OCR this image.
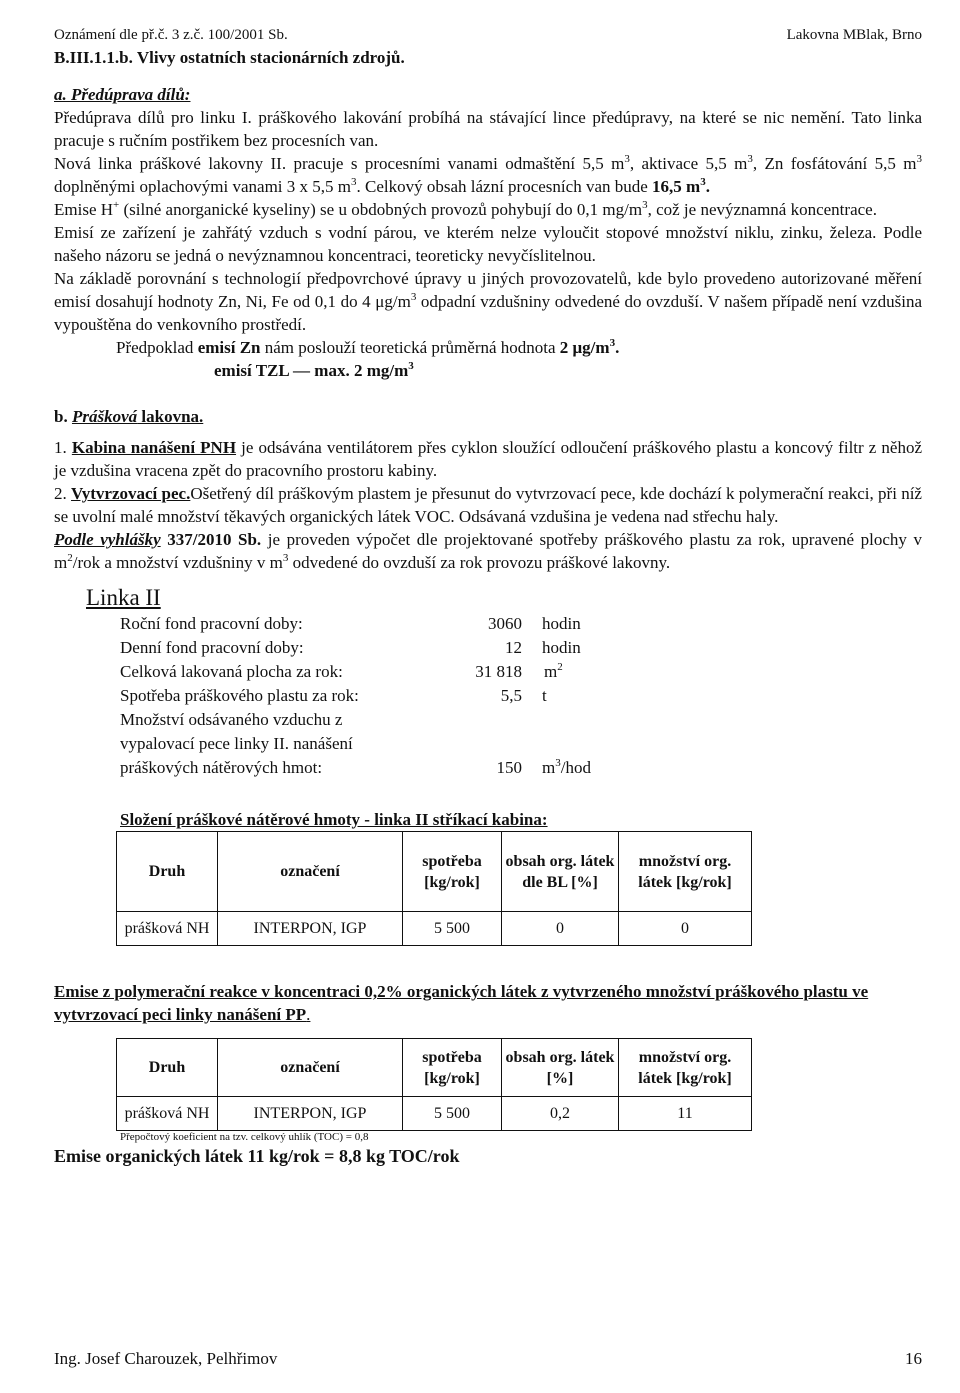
Oznámení dle př.č. 3 z.č. 100/2001 Sb.	Lakovna MBlak, Brno
B.III.1.1.b. Vlivy ostatních stacionárních zdrojů.
a. Předúprava dílů:

Předúprava dílů pro linku I. práškového lakování probíhá na stávající lince předúpravy, na které se nic nemění. Tato linka pracuje s ručním postřikem bez procesních van.

Nová linka práškové lakovny II. pracuje s procesními vanami odmaštění 5,5 $m^3$, aktivace 5,5 $m^3$, Zn fosfátování 5,5 $m^3$ doplněnými oplachovými vanami 3 x 5,5 $m^3$. Celkový obsah lázní procesních van bude 16,5 $m^3$.

Emise H+ (silné anorganické kyseliny) se u obdobných provozů pohybují do 0,1 $mg/m^3$, což je nevýznamná koncentrace.

Emisí ze zařízení je zahřátý vzduch s vodní párou, ve kterém nelze vyloučit stopové množství niklu, zinku, železa. Podle našeho názoru se jedná o nevýznamnou koncentraci, teoreticky nevyčíslitelnou.

Na základě porovnání s technologií předpovrchové úpravy u jiných provozovatelů, kde bylo provedeno autorizované měření emisí dosahují hodnoty Zn, Ni, Fe od 0,1 do 4 $\mu g/m^3$ odpadní vzdušniny odvedené do ovzduší. V našem případě není vzdušina vypouštěna do venkovního prostředí.

Předpoklad emisí Zn nám poslouží teoretická průměrná hodnota 2 $\mu g/m^3$.

emisí TZL — max. 2 $mg/m^3$

b. Prášková lakovna.

1. Kabina nanášení PNH je odsávána ventilátorem přes cyklon sloužící odloučení práškového plastu a koncový filtr z něhož je vzdušina vracena zpět do pracovního prostoru kabiny.

2. Vytvrzovací pec.Ošetřený díl práškovým plastem je přesunut do vytvrzovací pece, kde dochází k polymerační reakci, při níž se uvolní malé množství těkavých organických látek VOC. Odsávaná vzdušina je vedena nad střechu haly.

Podle vyhlášky 337/2010 Sb. je proveden výpočet dle projektované spotřeby práškového plastu za rok, upravené plochy v $m^2$/rok a množství vzdušniny v $m^3$ odvedené do ovzduší za rok provozu práškové lakovny.

Linka II
Roční fond pracovní doby:	3060	hodin
Denní fond pracovní doby:	12	hodin
Celková lakovaná plocha za rok:	31 818	$m^2$
Spotřeba práškového plastu za rok:	5,5	t
Množství odsávaného vzduchu z
vypalovací pece linky II. nanášení
práškových nátěrových hmot:	150	$m^3$/hod
Složení práškové nátěrové hmoty - linka II stříkací kabina:
Druh	označení	spotřeba [kg/rok]	obsah org. látek dle BL [%]	množství org. látek [kg/rok]
prášková NH	INTERPON, IGP	5 500	0	0
Emise z polymerační reakce v koncentraci 0,2% organických látek z vytvrzeného množství práškového plastu ve vytvrzovací peci linky nanášení PP.
Druh	označení	spotřeba [kg/rok]	obsah org. látek [%]	množství org. látek [kg/rok]
prášková NH	INTERPON, IGP	5 500	0,2	11
Přepočtový koeficient na tzv. celkový uhlík (TOC) = 0,8
Emise organických látek 11 kg/rok = 8,8 kg TOC/rok
Ing. Josef Charouzek, Pelhřimov	16
